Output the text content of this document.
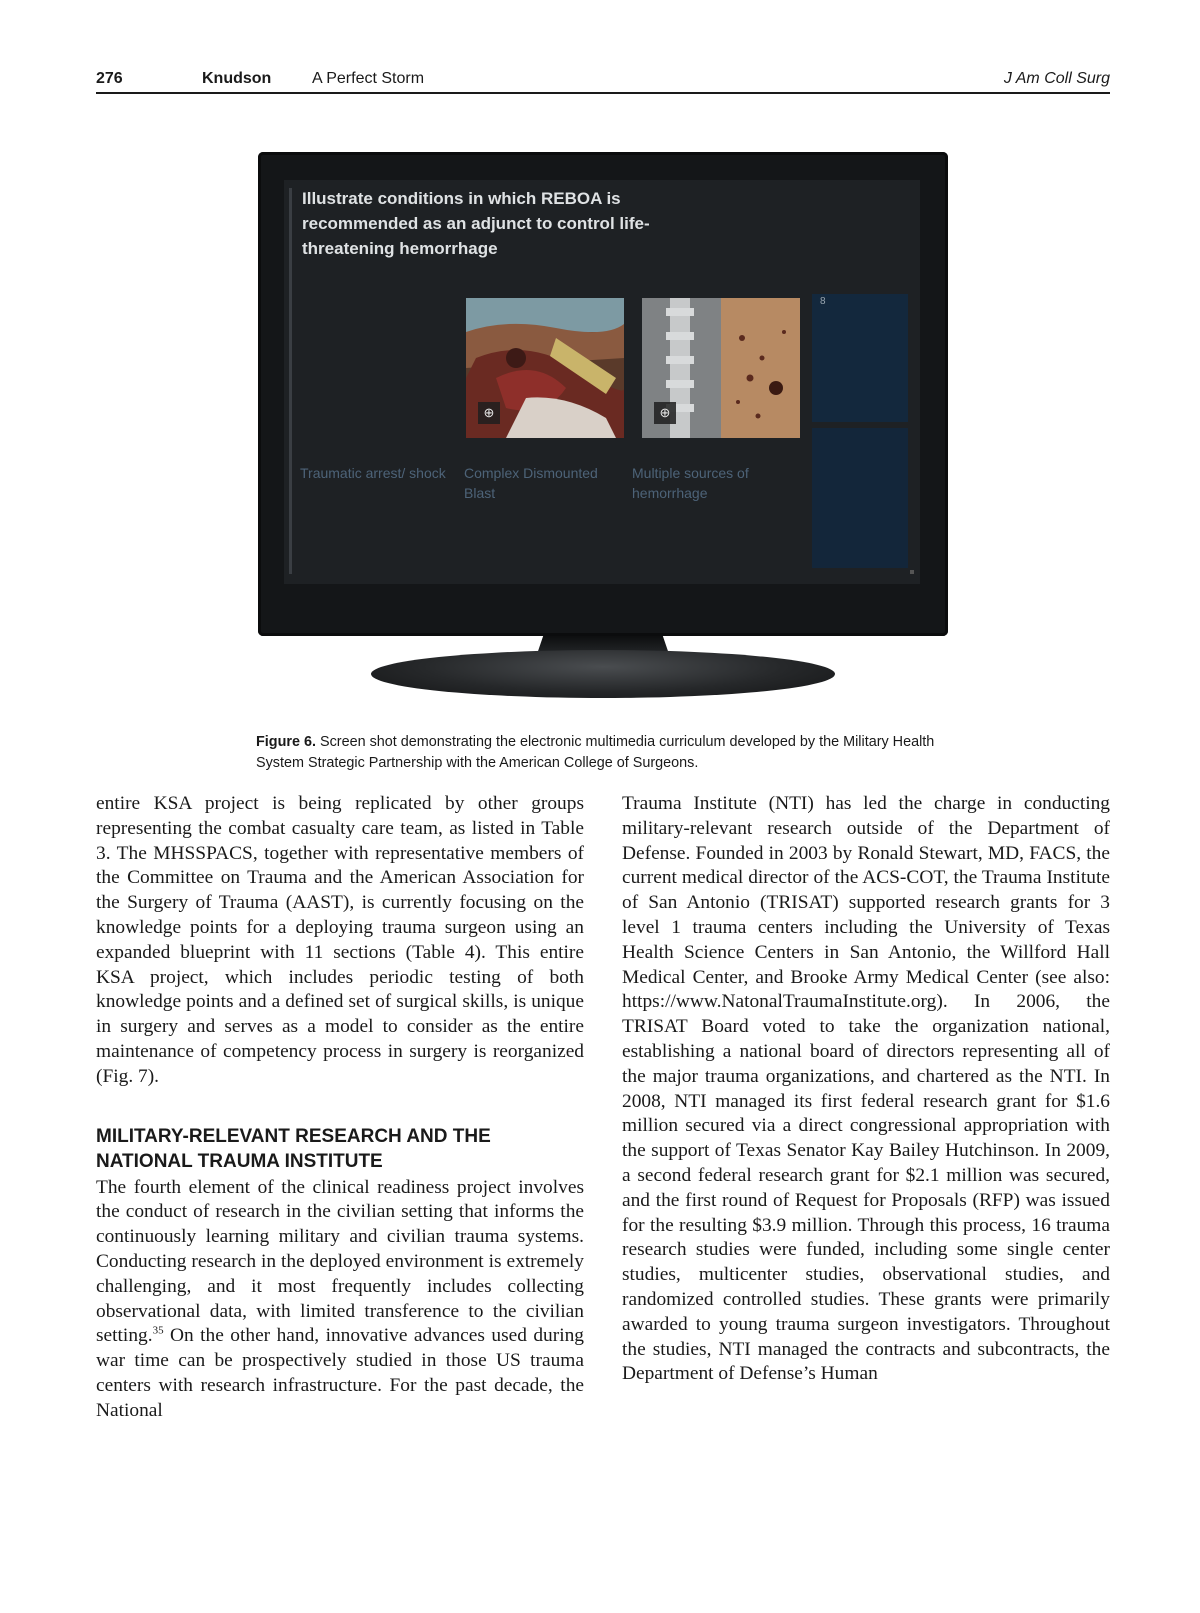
276	Knudson	A Perfect Storm	J Am Coll Surg
Illustrate conditions in which REBOA is recommended as an adjunct to control life-threatening hemorrhage
8
⊕	⊕
Traumatic arrest/ shock	Complex Dismounted Blast
Multiple sources of hemorrhage
Figure 6. Screen shot demonstrating the electronic multimedia curriculum developed by the Military Health System Strategic Partnership with the American College of Surgeons.

entire KSA project is being replicated by other groups representing the combat casualty care team, as listed in Table 3. The MHSSPACS, together with representative members of the Committee on Trauma and the American Association for the Surgery of Trauma (AAST), is currently focusing on the knowledge points for a deploying trauma surgeon using an expanded blueprint with 11 sections (Table 4). This entire KSA project, which includes periodic testing of both knowledge points and a defined set of surgical skills, is unique in surgery and serves as a model to consider as the entire maintenance of competency process in surgery is reorganized (Fig. 7).

MILITARY-RELEVANT RESEARCH AND THE NATIONAL TRAUMA INSTITUTE

The fourth element of the clinical readiness project involves the conduct of research in the civilian setting that informs the continuously learning military and civilian trauma systems. Conducting research in the deployed environment is extremely challenging, and it most frequently includes collecting observational data, with limited transference to the civilian setting.$^{35}$ On the other hand, innovative advances used during war time can be prospectively studied in those US trauma centers with research infrastructure. For the past decade, the National

Trauma Institute (NTI) has led the charge in conducting military-relevant research outside of the Department of Defense. Founded in 2003 by Ronald Stewart, MD, FACS, the current medical director of the ACS-COT, the Trauma Institute of San Antonio (TRISAT) supported research grants for 3 level 1 trauma centers including the University of Texas Health Science Centers in San Antonio, the Willford Hall Medical Center, and Brooke Army Medical Center (see also: https://www.NatonalTraumaInstitute.org). In 2006, the TRISAT Board voted to take the organization national, establishing a national board of directors representing all of the major trauma organizations, and chartered as the NTI. In 2008, NTI managed its first federal research grant for $1.6 million secured via a direct congressional appropriation with the support of Texas Senator Kay Bailey Hutchinson. In 2009, a second federal research grant for $2.1 million was secured, and the first round of Request for Proposals (RFP) was issued for the resulting $3.9 million. Through this process, 16 trauma research studies were funded, including some single center studies, multicenter studies, observational studies, and randomized controlled studies. These grants were primarily awarded to young trauma surgeon investigators. Throughout the studies, NTI managed the contracts and subcontracts, the Department of Defense’s Human
